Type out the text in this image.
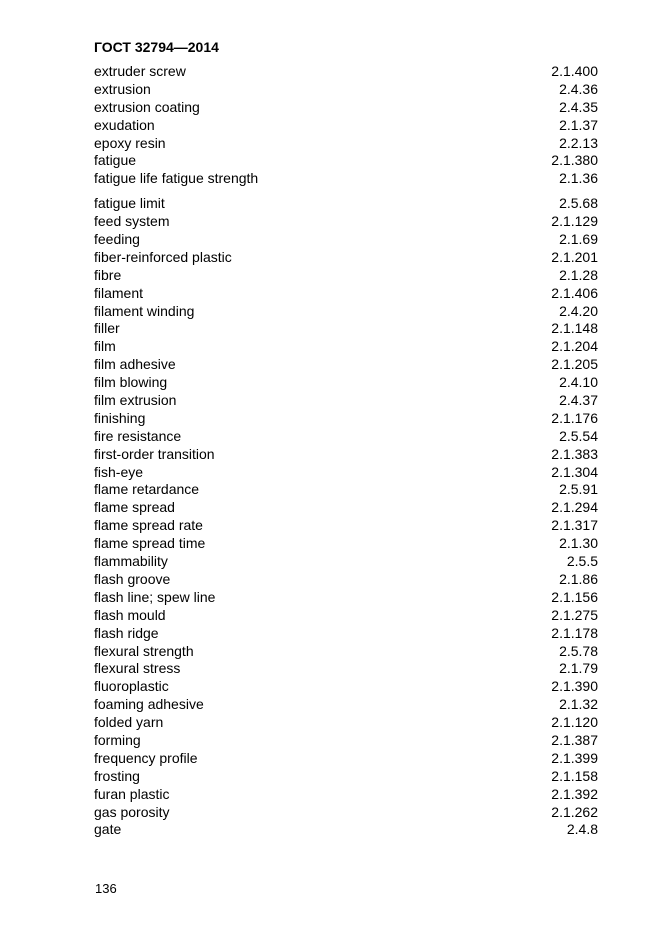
ГОСТ 32794—2014
extruder screw	2.1.400
extrusion	2.4.36
extrusion coating	2.4.35
exudation	2.1.37
epoxy resin	2.2.13
fatigue	2.1.380
fatigue life fatigue strength	2.1.36
fatigue limit	2.5.68
feed system	2.1.129
feeding	2.1.69
fiber-reinforced plastic	2.1.201
fibre	2.1.28
filament	2.1.406
filament winding	2.4.20
filler	2.1.148
film	2.1.204
film adhesive	2.1.205
film blowing	2.4.10
film extrusion	2.4.37
finishing	2.1.176
fire resistance	2.5.54
first-order transition	2.1.383
fish-eye	2.1.304
flame retardance	2.5.91
flame spread	2.1.294
flame spread rate	2.1.317
flame spread time	2.1.30
flammability	2.5.5
flash groove	2.1.86
flash line; spew line	2.1.156
flash mould	2.1.275
flash ridge	2.1.178
flexural strength	2.5.78
flexural stress	2.1.79
fluoroplastic	2.1.390
foaming adhesive	2.1.32
folded yarn	2.1.120
forming	2.1.387
frequency profile	2.1.399
frosting	2.1.158
furan plastic	2.1.392
gas porosity	2.1.262
gate	2.4.8
136
